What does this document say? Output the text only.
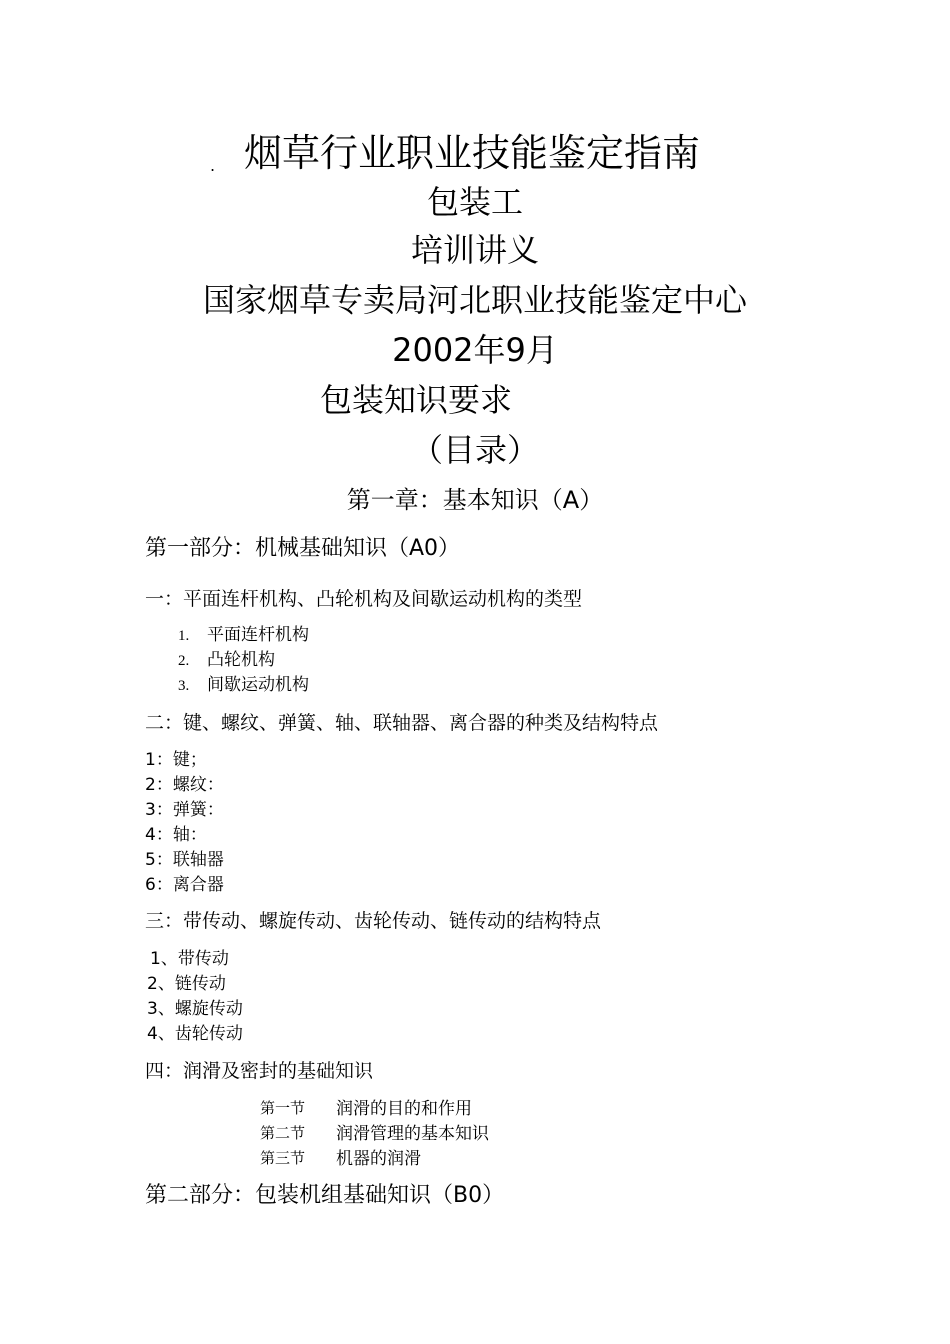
. 烟草行业职业技能鉴定指南
包装工
培训讲义
国家烟草专卖局河北职业技能鉴定中心
2002年9月
包装知识要求
（目录）
第一章：基本知识（A）
第一部分：机械基础知识（A0）
一：平面连杆机构、凸轮机构及间歇运动机构的类型
1. 平面连杆机构
2. 凸轮机构
3. 间歇运动机构
二：键、螺纹、弹簧、轴、联轴器、离合器的种类及结构特点
1：键；
2：螺纹：
3：弹簧：
4：轴：
5：联轴器
6：离合器
三：带传动、螺旋传动、齿轮传动、链传动的结构特点
1、带传动
2、链传动
3、螺旋传动
4、齿轮传动
四：润滑及密封的基础知识
第一节 润滑的目的和作用
第二节 润滑管理的基本知识
第三节 机器的润滑
第二部分：包装机组基础知识（B0）
